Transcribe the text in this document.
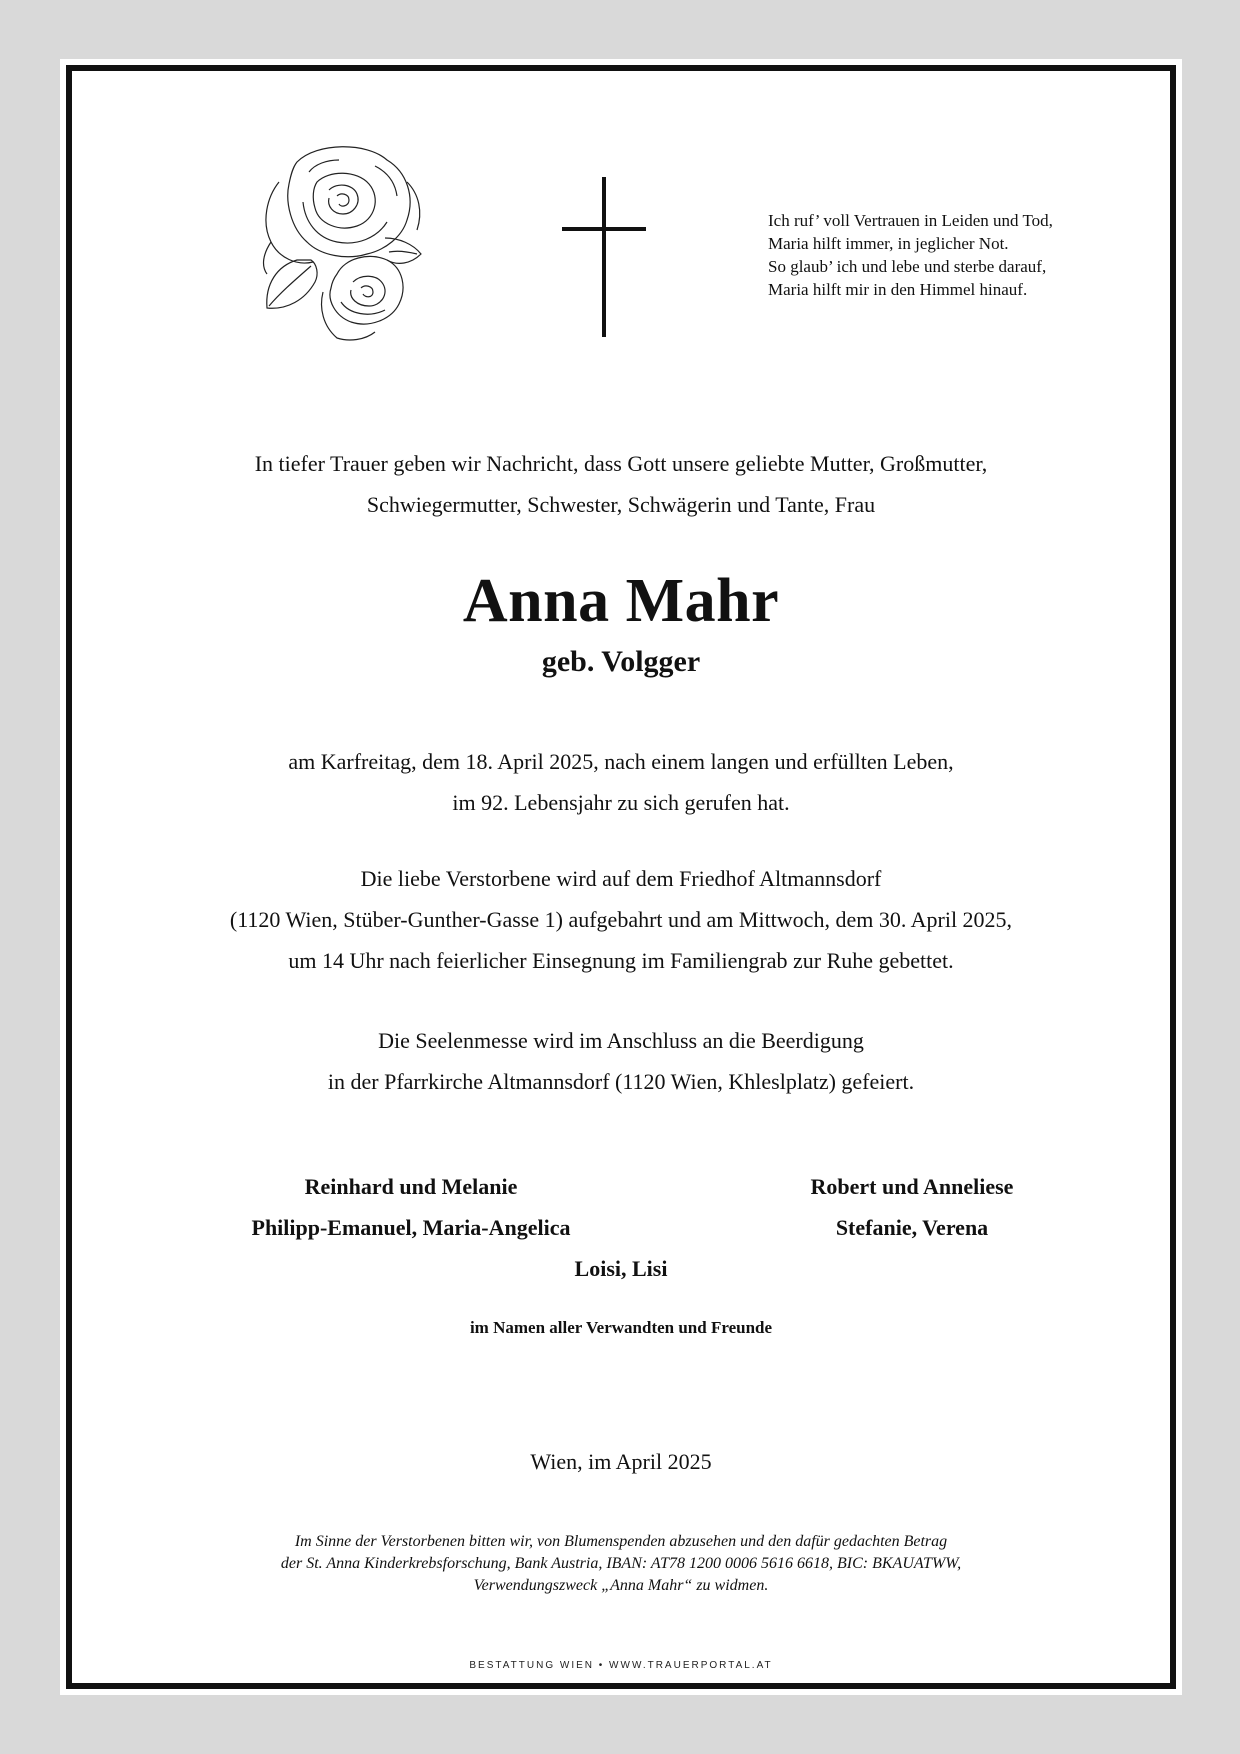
Ich ruf’ voll Vertrauen in Leiden und Tod,
Maria hilft immer, in jeglicher Not.
So glaub’ ich und lebe und sterbe darauf,
Maria hilft mir in den Himmel hinauf.
In tiefer Trauer geben wir Nachricht, dass Gott unsere geliebte Mutter, Großmutter,
Schwiegermutter, Schwester, Schwägerin und Tante, Frau
Anna Mahr
geb. Volgger
am Karfreitag, dem 18. April 2025, nach einem langen und erfüllten Leben,
im 92. Lebensjahr zu sich gerufen hat.
Die liebe Verstorbene wird auf dem Friedhof Altmannsdorf
(1120 Wien, Stüber-Gunther-Gasse 1) aufgebahrt und am Mittwoch, dem 30. April 2025,
um 14 Uhr nach feierlicher Einsegnung im Familiengrab zur Ruhe gebettet.
Die Seelenmesse wird im Anschluss an die Beerdigung
in der Pfarrkirche Altmannsdorf (1120 Wien, Khleslplatz) gefeiert.
Reinhard und Melanie
Philipp-Emanuel, Maria-Angelica
Robert und Anneliese
Stefanie, Verena
Loisi, Lisi
im Namen aller Verwandten und Freunde
Wien, im April 2025
Im Sinne der Verstorbenen bitten wir, von Blumenspenden abzusehen und den dafür gedachten Betrag
der St. Anna Kinderkrebsforschung, Bank Austria, IBAN: AT78 1200 0006 5616 6618, BIC: BKAUATWW,
Verwendungszweck „Anna Mahr“ zu widmen.
BESTATTUNG WIEN • WWW.TRAUERPORTAL.AT
